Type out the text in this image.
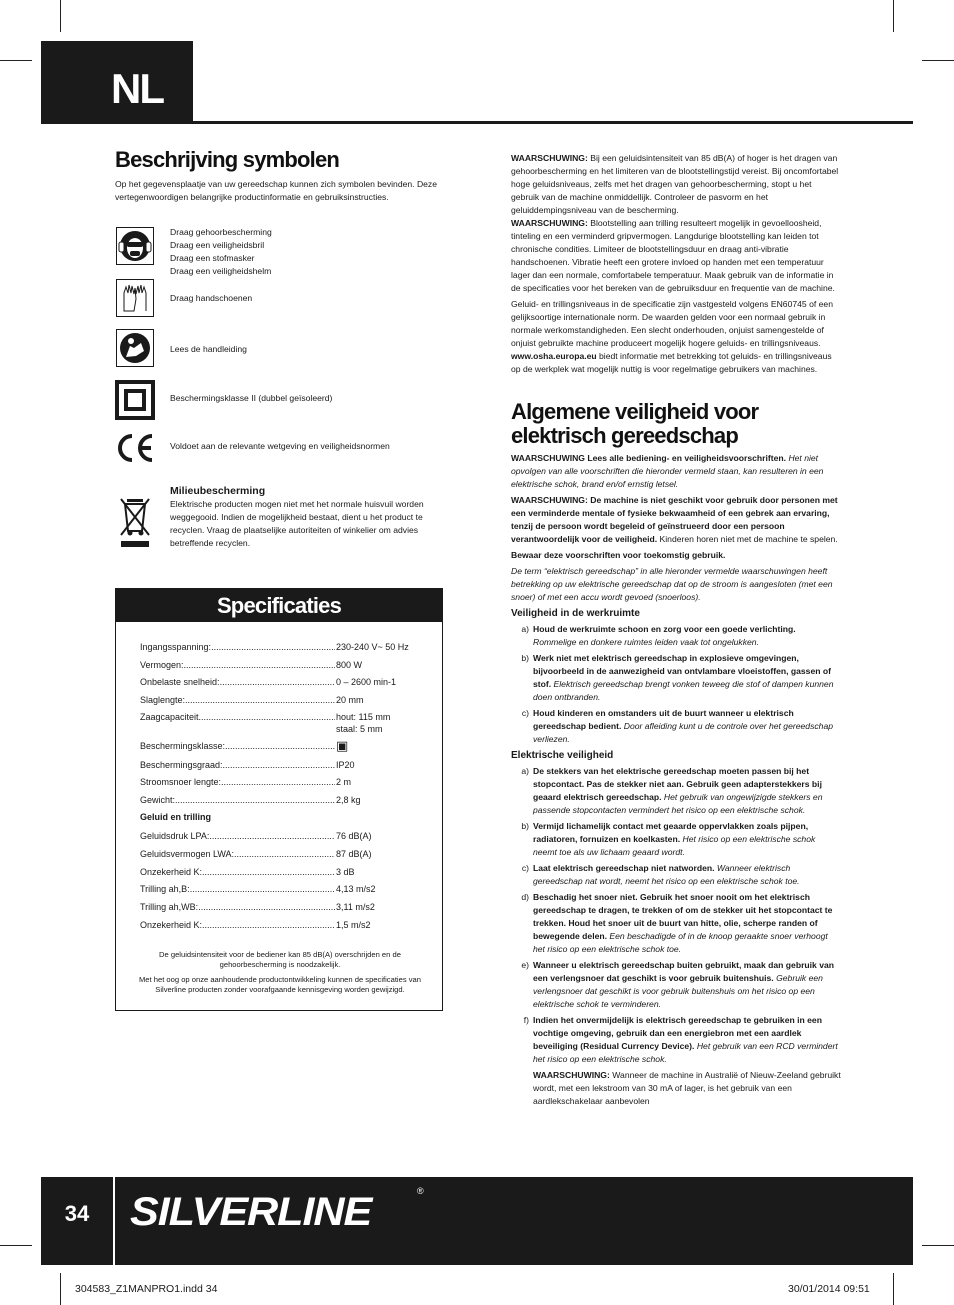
NL
Beschrijving symbolen

Op het gegevensplaatje van uw gereedschap kunnen zich symbolen bevinden. Deze vertegenwoordigen belangrijke productinformatie en gebruiksinstructies.

Draag gehoorbescherming
Draag een veiligheidsbril
Draag een stofmasker
Draag een veiligheidshelm
Draag handschoenen
Lees de handleiding
Beschermingsklasse II (dubbel geïsoleerd)
Voldoet aan de relevante wetgeving en veiligheidsnormen
Milieubescherming
Elektrische producten mogen niet met het normale huisvuil worden weggegooid. Indien de mogelijkheid bestaat, dient u het product te recyclen. Vraag de plaatselijke autoriteiten of winkelier om advies betreffende recyclen.
Specificaties
Ingangsspanning: .....	230-240 V~ 50 Hz
Vermogen: .....	800 W
Onbelaste snelheid: .....	0 – 2600 min-1
Slaglengte: .....	20 mm
Zaagcapaciteit .....	hout: 115 mm
staal: 5 mm
Beschermingsklasse: .....	▣
Beschermingsgraad: .....	IP20
Stroomsnoer lengte: .....	2 m
Gewicht: .....	2,8 kg
Geluid en trilling
Geluidsdruk LPA: .....	76 dB(A)
Geluidsvermogen LWA: .....	87 dB(A)
Onzekerheid K: .....	3 dB
Trilling ah,B: .....	4,13 m/s2
Trilling ah,WB: .....	3,11 m/s2
Onzekerheid K: .....	1,5 m/s2
De geluidsintensiteit voor de bediener kan 85 dB(A) overschrijden en de gehoorbescherming is noodzakelijk.
Met het oog op onze aanhoudende productontwikkeling kunnen de specificaties van Silverline producten zonder voorafgaande kennisgeving worden gewijzigd.

WAARSCHUWING: Bij een geluidsintensiteit van 85 dB(A) of hoger is het dragen van gehoorbescherming en het limiteren van de blootstellingstijd vereist. Bij oncomfortabel hoge geluidsniveaus, zelfs met het dragen van gehoorbescherming, stopt u het gebruik van de machine onmiddellijk. Controleer de pasvorm en het geluiddempingsniveau van de bescherming.

WAARSCHUWING: Blootstelling aan trilling resulteert mogelijk in gevoelloosheid, tinteling en een verminderd gripvermogen. Langdurige blootstelling kan leiden tot chronische condities. Limiteer de blootstellingsduur en draag anti-vibratie handschoenen. Vibratie heeft een grotere invloed op handen met een temperatuur lager dan een normale, comfortabele temperatuur. Maak gebruik van de informatie in de specificaties voor het bereken van de gebruiksduur en frequentie van de machine.

Geluid- en trillingsniveaus in de specificatie zijn vastgesteld volgens EN60745 of een gelijksoortige internationale norm. De waarden gelden voor een normaal gebruik in normale werkomstandigheden. Een slecht onderhouden, onjuist samengestelde of onjuist gebruikte machine produceert mogelijk hogere geluids- en trillingsniveaus. www.osha.europa.eu biedt informatie met betrekking tot geluids- en trillingsniveaus op de werkplek wat mogelijk nuttig is voor regelmatige gebruikers van machines.

Algemene veiligheid voor elektrisch gereedschap

WAARSCHUWING Lees alle bediening- en veiligheidsvoorschriften. Het niet opvolgen van alle voorschriften die hieronder vermeld staan, kan resulteren in een elektrische schok, brand en/of ernstig letsel.

WAARSCHUWING: De machine is niet geschikt voor gebruik door personen met een verminderde mentale of fysieke bekwaamheid of een gebrek aan ervaring, tenzij de persoon wordt begeleid of geïnstrueerd door een persoon verantwoordelijk voor de veiligheid. Kinderen horen niet met de machine te spelen.

Bewaar deze voorschriften voor toekomstig gebruik.

De term “elektrisch gereedschap” in alle hieronder vermelde waarschuwingen heeft betrekking op uw elektrische gereedschap dat op de stroom is aangesloten (met een snoer) of met een accu wordt gevoed (snoerloos).

Veiligheid in de werkruimte
a) Houd de werkruimte schoon en zorg voor een goede verlichting.
Rommelige en donkere ruimtes leiden vaak tot ongelukken.
b) Werk niet met elektrisch gereedschap in explosieve omgevingen, bijvoorbeeld in de aanwezigheid van ontvlambare vloeistoffen, gassen of stof. Elektrisch gereedschap brengt vonken teweeg die stof of dampen kunnen doen ontbranden.
c) Houd kinderen en omstanders uit de buurt wanneer u elektrisch gereedschap bedient. Door afleiding kunt u de controle over het gereedschap verliezen.
Elektrische veiligheid
a) De stekkers van het elektrische gereedschap moeten passen bij het stopcontact. Pas de stekker niet aan. Gebruik geen adapterstekkers bij geaard elektrisch gereedschap. Het gebruik van ongewijzigde stekkers en passende stopcontacten vermindert het risico op een elektrische schok.
b) Vermijd lichamelijk contact met geaarde oppervlakken zoals pijpen, radiatoren, fornuizen en koelkasten. Het risico op een elektrische schok neemt toe als uw lichaam geaard wordt.
c) Laat elektrisch gereedschap niet natworden. Wanneer elektrisch gereedschap nat wordt, neemt het risico op een elektrische schok toe.
d) Beschadig het snoer niet. Gebruik het snoer nooit om het elektrisch gereedschap te dragen, te trekken of om de stekker uit het stopcontact te trekken. Houd het snoer uit de buurt van hitte, olie, scherpe randen of bewegende delen. Een beschadigde of in de knoop geraakte snoer verhoogt het risico op een elektrische schok toe.
e) Wanneer u elektrisch gereedschap buiten gebruikt, maak dan gebruik van een verlengsnoer dat geschikt is voor gebruik buitenshuis. Gebruik een verlengsnoer dat geschikt is voor gebruik buitenshuis om het risico op een elektrische schok te verminderen.
f) Indien het onvermijdelijk is elektrisch gereedschap te gebruiken in een vochtige omgeving, gebruik dan een energiebron met een aardlek beveiliging (Residual Currency Device). Het gebruik van een RCD vermindert het risico op een elektrische schok.
WAARSCHUWING: Wanneer de machine in Australië of Nieuw-Zeeland gebruikt wordt, met een lekstroom van 30 mA of lager, is het gebruik van een aardlekschakelaar aanbevolen
34	SILVERLINE	®
304583_Z1MANPRO1.indd 34	30/01/2014 09:51
